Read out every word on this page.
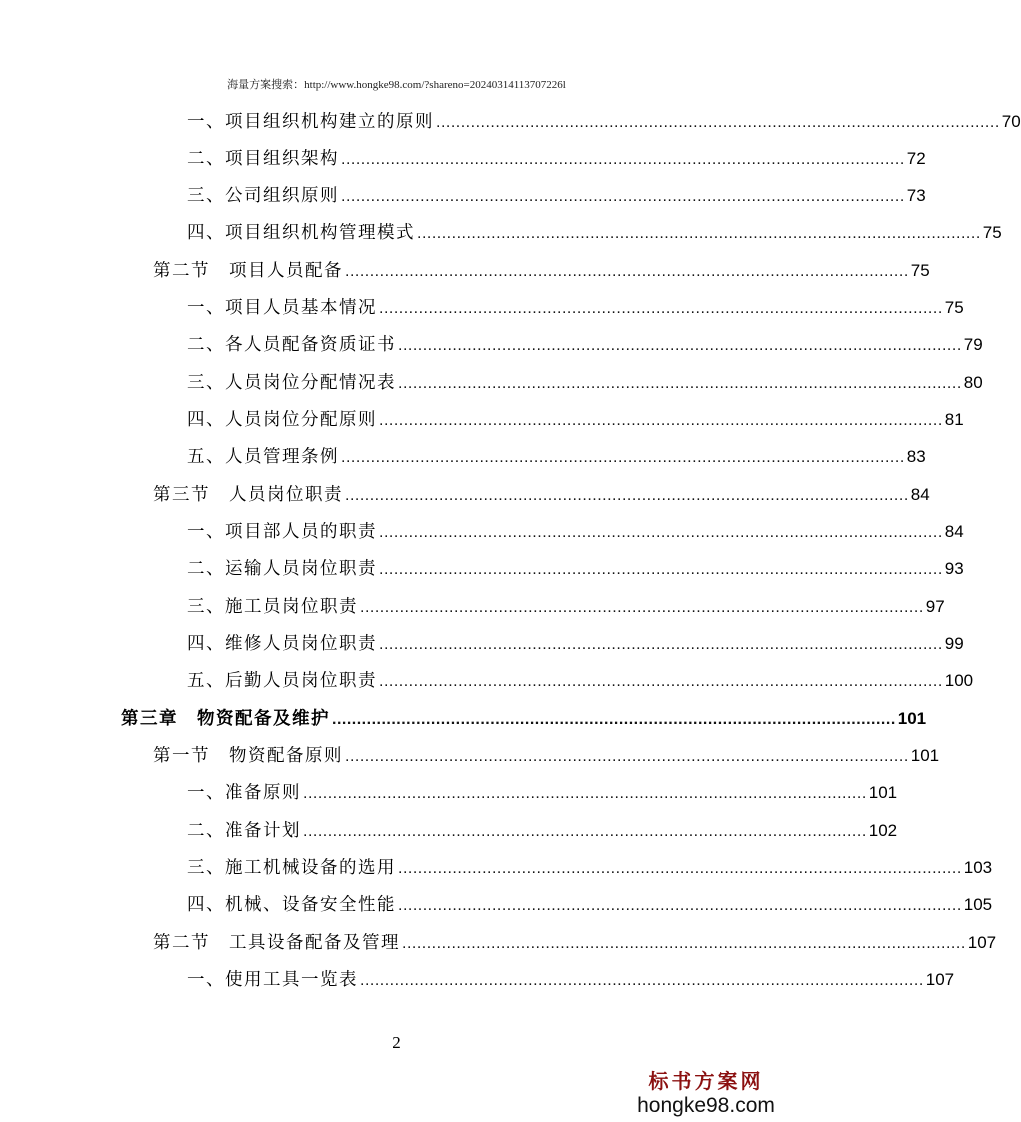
海量方案搜索：http://www.hongke98.com/?shareno=20240314113707226l
一、项目组织机构建立的原则 .................................................................................................................. 70
二、项目组织架构 .................................................................................................................. 72
三、公司组织原则 .................................................................................................................. 73
四、项目组织机构管理模式 .................................................................................................................. 75
第二节　项目人员配备 .................................................................................................................. 75
一、项目人员基本情况 .................................................................................................................. 75
二、各人员配备资质证书 .................................................................................................................. 79
三、人员岗位分配情况表 .................................................................................................................. 80
四、人员岗位分配原则 .................................................................................................................. 81
五、人员管理条例 .................................................................................................................. 83
第三节　人员岗位职责 .................................................................................................................. 84
一、项目部人员的职责 .................................................................................................................. 84
二、运输人员岗位职责 .................................................................................................................. 93
三、施工员岗位职责 .................................................................................................................. 97
四、维修人员岗位职责 .................................................................................................................. 99
五、后勤人员岗位职责 .................................................................................................................. 100
第三章　物资配备及维护 .................................................................................................................. 101
第一节　物资配备原则 .................................................................................................................. 101
一、准备原则 .................................................................................................................. 101
二、准备计划 .................................................................................................................. 102
三、施工机械设备的选用 .................................................................................................................. 103
四、机械、设备安全性能 .................................................................................................................. 105
第二节　工具设备配备及管理 .................................................................................................................. 107
一、使用工具一览表 .................................................................................................................. 107
2
标书方案网
hongke98.com
